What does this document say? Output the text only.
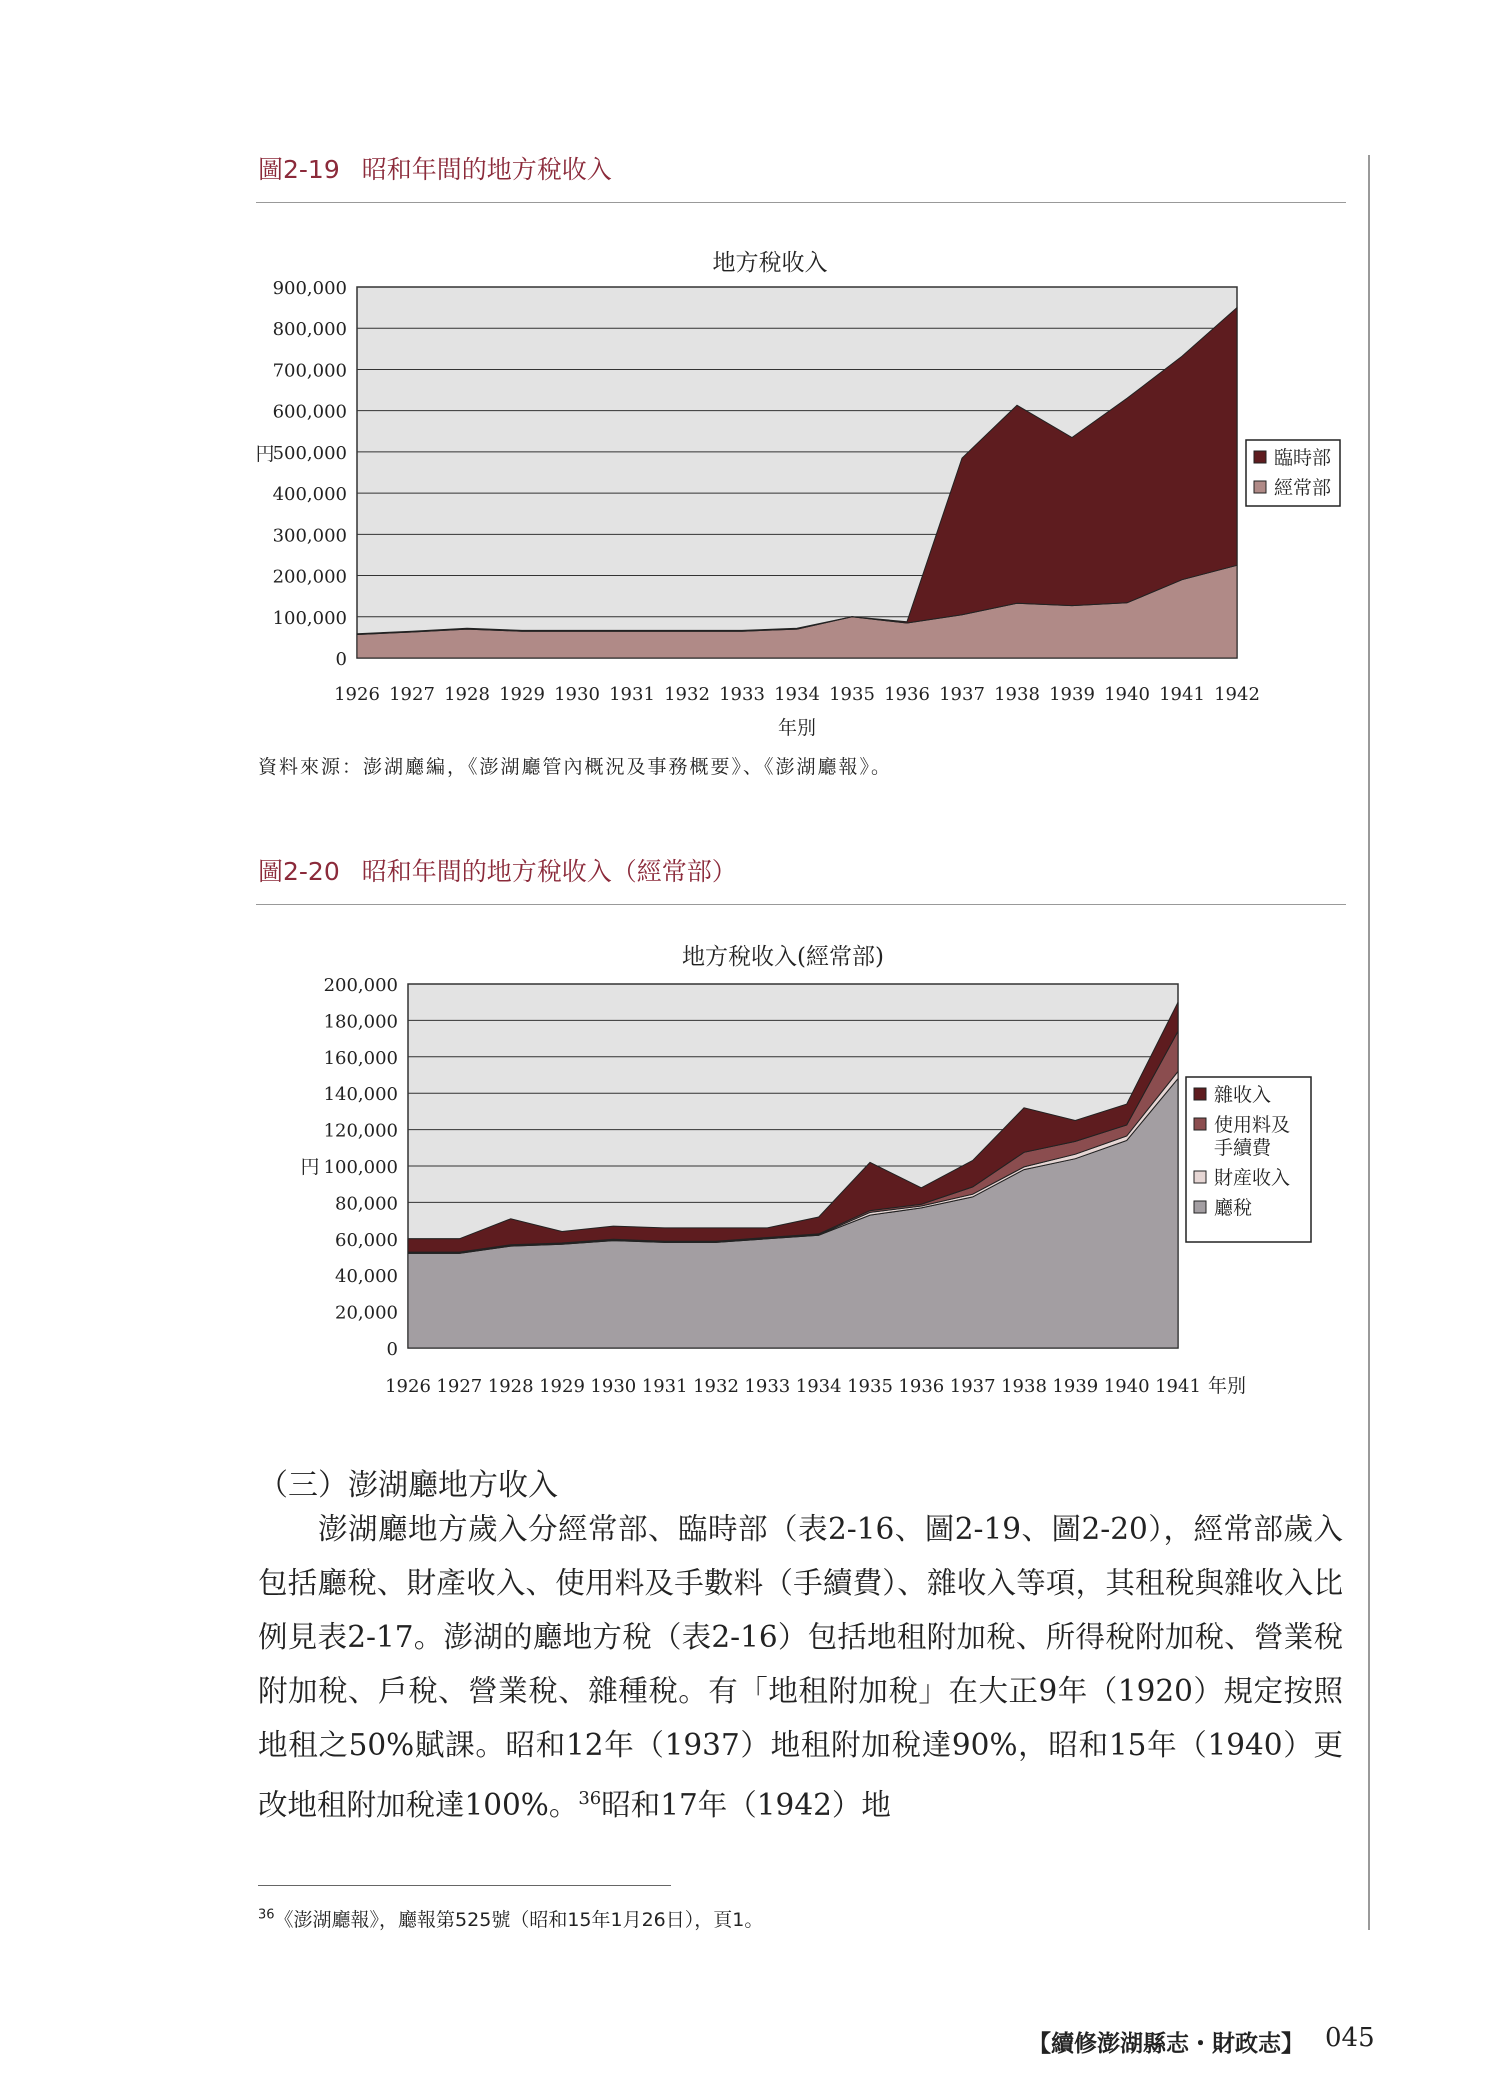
圖2-19 昭和年間的地方稅收入
地方稅收入
900,000
800,000
700,000
600,000
500,000
400,000
300,000
200,000
100,000
0
1926 1927 1928 1929 1930 1931 1932 1933 1934 1935 1936 1937 1938 1939 1940 1941 1942
円
年別
臨時部
經常部
資料來源：澎湖廳編，《澎湖廳管內概況及事務概要》、《澎湖廳報》。
圖2-20 昭和年間的地方稅收入（經常部）
地方稅收入(經常部)
200,000
180,000
160,000
140,000
120,000
100,000
80,000
60,000
40,000
20,000
0
1926 1927 1928 1929 1930 1931 1932 1933 1934 1935 1936 1937 1938 1939 1940 1941
円
年別
雜收入
使用料及
手續費
財産收入
廳稅
（三）澎湖廳地方收入

澎湖廳地方歲入分經常部、臨時部（表2-16、圖2-19、圖2-20），經常部歲入包括廳稅、財產收入、使用料及手數料（手續費）、雜收入等項，其租稅與雜收入比例見表2-17。澎湖的廳地方稅（表2-16）包括地租附加稅、所得稅附加稅、營業稅附加稅、戶稅、營業稅、雜種稅。有「地租附加稅」在大正9年（1920）規定按照地租之50%賦課。昭和12年（1937）地租附加稅達90%，昭和15年（1940）更改地租附加稅達100%。$^{36}$昭和17年（1942）地

$^{36}$《澎湖廳報》，廳報第525號（昭和15年1月26日），頁1。
【續修澎湖縣志・財政志】 045
